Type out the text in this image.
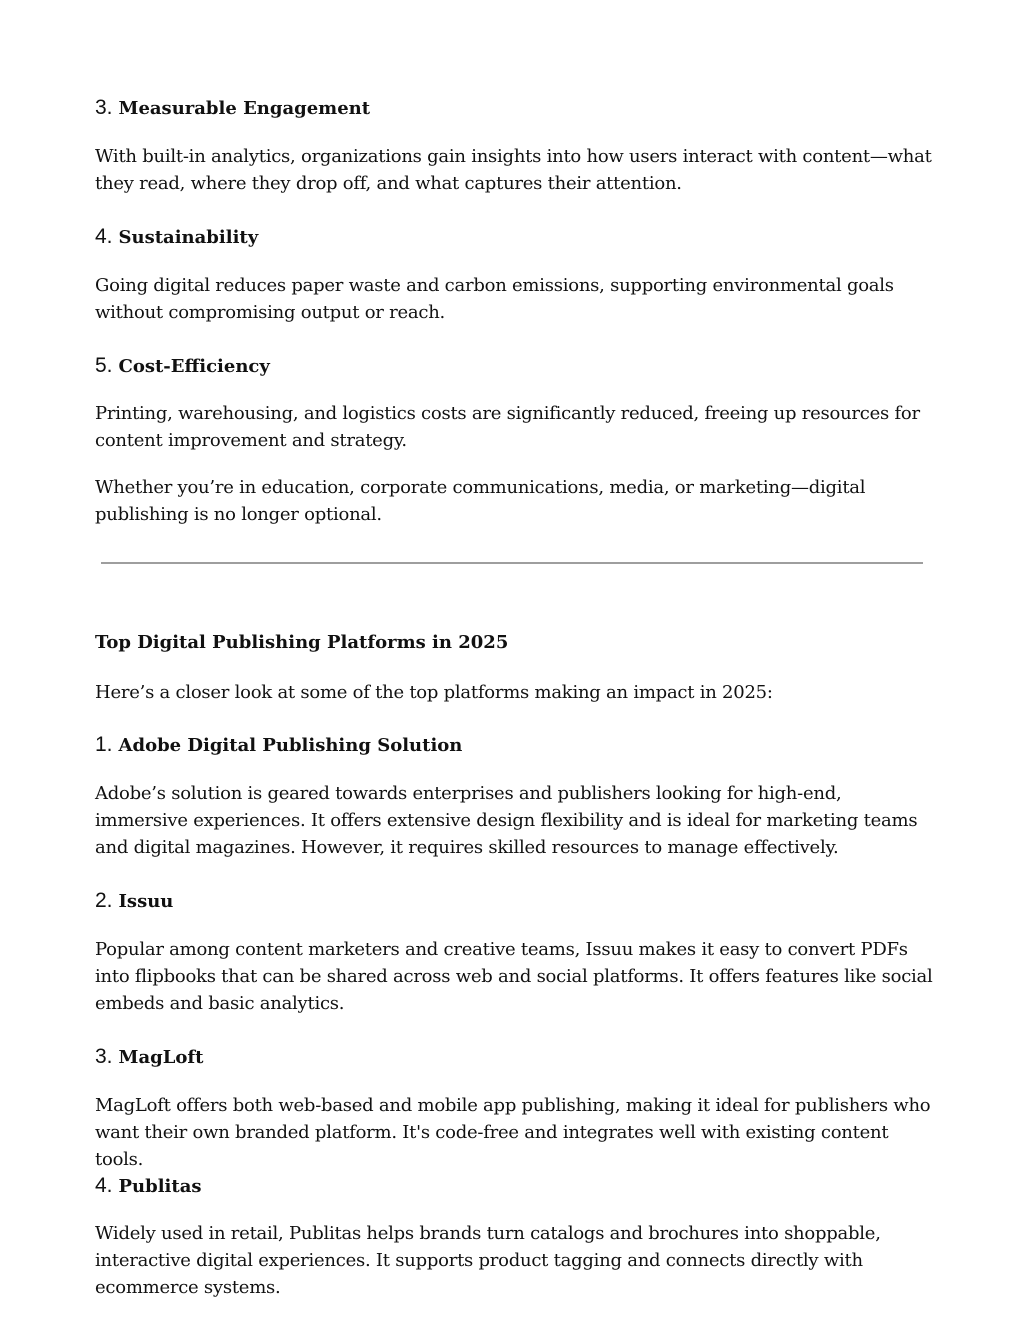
3. Measurable Engagement

With built-in analytics, organizations gain insights into how users interact with content—what they read, where they drop off, and what captures their attention.

4. Sustainability

Going digital reduces paper waste and carbon emissions, supporting environmental goals without compromising output or reach.

5. Cost-Efficiency

Printing, warehousing, and logistics costs are significantly reduced, freeing up resources for content improvement and strategy.

Whether you’re in education, corporate communications, media, or marketing—digital publishing is no longer optional.

Top Digital Publishing Platforms in 2025

Here’s a closer look at some of the top platforms making an impact in 2025:

1. Adobe Digital Publishing Solution

Adobe’s solution is geared towards enterprises and publishers looking for high-end, immersive experiences. It offers extensive design flexibility and is ideal for marketing teams and digital magazines. However, it requires skilled resources to manage effectively.

2. Issuu

Popular among content marketers and creative teams, Issuu makes it easy to convert PDFs into flipbooks that can be shared across web and social platforms. It offers features like social embeds and basic analytics.

3. MagLoft

MagLoft offers both web-based and mobile app publishing, making it ideal for publishers who want their own branded platform. It's code-free and integrates well with existing content tools.

4. Publitas

Widely used in retail, Publitas helps brands turn catalogs and brochures into shoppable, interactive digital experiences. It supports product tagging and connects directly with ecommerce systems.
